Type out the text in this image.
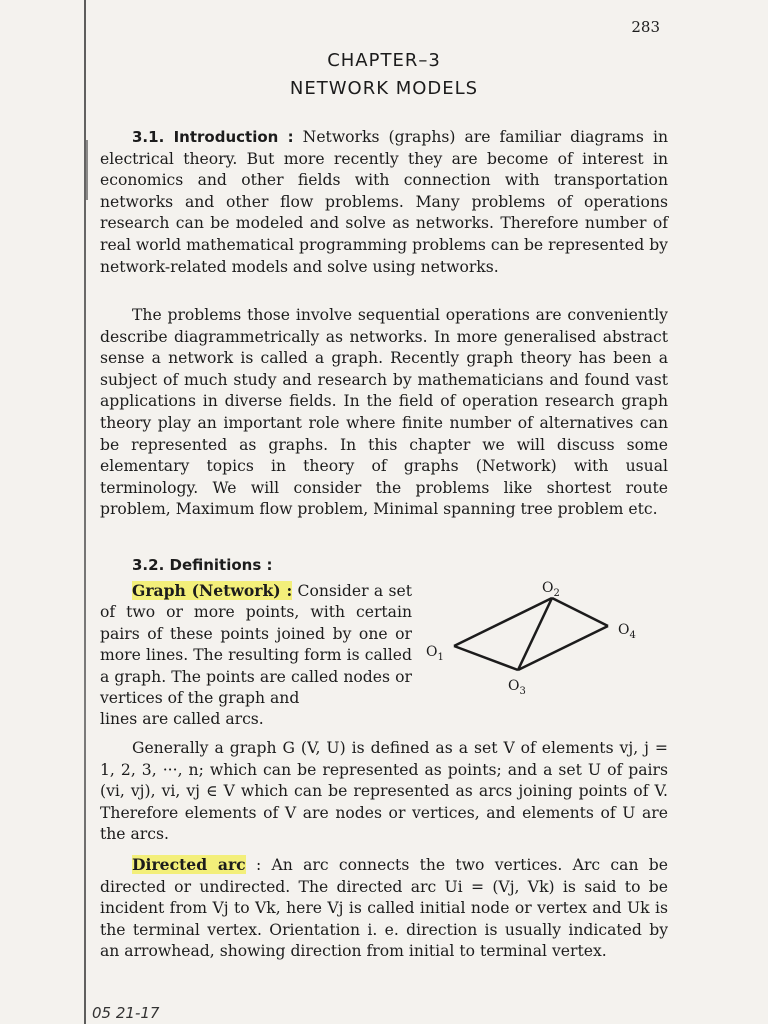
283
CHAPTER–3
NETWORK MODELS

3.1. Introduction : Networks (graphs) are familiar diagrams in electrical theory. But more recently they are become of interest in economics and other fields with connection with transportation networks and other flow problems. Many problems of operations research can be modeled and solve as networks. Therefore number of real world mathematical programming problems can be represented by network-related models and solve using networks.

The problems those involve sequential operations are conveniently describe diagrammetrically as networks. In more generalised abstract sense a network is called a graph. Recently graph theory has been a subject of much study and research by mathematicians and found vast applications in diverse fields. In the field of operation research graph theory play an important role where finite number of alternatives can be represented as graphs. In this chapter we will discuss some elementary topics in theory of graphs (Network) with usual terminology. We will consider the problems like shortest route problem, Maximum flow problem, Minimal spanning tree problem etc.

3.2. Definitions :

Graph (Network) : Consider a set of two or more points, with certain pairs of these points joined by one or more lines. The resulting form is called a graph. The points are called nodes or vertices of the graph and

lines are called arcs.

$O_1$
$O_2$
$O_4$
$O_3$

Generally a graph G (V, U) is defined as a set V of elements vj, j = 1, 2, 3, ···, n; which can be represented as points; and a set U of pairs (vi, vj), vi, vj ∈ V which can be represented as arcs joining points of V. Therefore elements of V are nodes or vertices, and elements of U are the arcs.

Directed arc : An arc connects the two vertices. Arc can be directed or undirected. The directed arc Ui = (Vj, Vk) is said to be incident from Vj to Vk, here Vj is called initial node or vertex and Uk is the terminal vertex. Orientation i. e. direction is usually indicated by an arrowhead, showing direction from initial to terminal vertex.

05 21-17
